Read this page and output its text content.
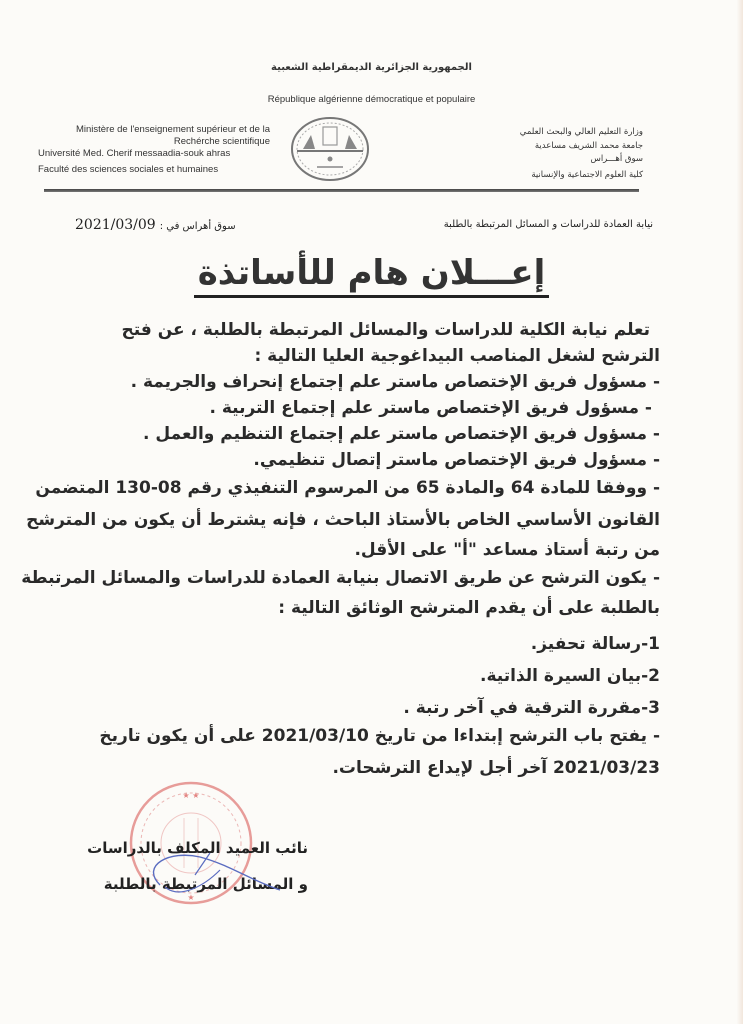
الجمهورية الجزائرية الديمقراطية الشعبية
République algérienne démocratique et populaire
Ministère de l'enseignement supérieur et de la
Rechérche scientifique
Université Med. Cherif messaadia-souk ahras
Faculté des sciences sociales et humaines
وزارة التعليم العالي والبحث العلمي
جامعة محمد الشريف مساعدية
سوق أهـــراس
كلية العلوم الاجتماعية والإنسانية
2021/03/09 سوق أهراس في :	نيابة العمادة للدراسات و المسائل المرتبطة بالطلبة
إعـــلان هام للأساتذة
تعلم نيابة الكلية للدراسات والمسائل المرتبطة بالطلبة ، عن فتح
الترشح لشغل المناصب البيداغوجية العليا التالية :
- مسؤول فريق الإختصاص ماستر علم إجتماع إنحراف والجريمة .
- مسؤول فريق الإختصاص ماستر علم إجتماع التربية .
- مسؤول فريق الإختصاص ماستر علم إجتماع التنظيم والعمل .
- مسؤول فريق الإختصاص ماستر إتصال تنظيمي.
- ووفقا للمادة 64 والمادة 65 من المرسوم التنفيذي رقم 08-130 المتضمن
القانون الأساسي الخاص بالأستاذ الباحث ، فإنه يشترط أن يكون من المترشح
من رتبة أستاذ مساعد "أ" على الأقل.
- يكون الترشح عن طريق الاتصال بنيابة العمادة للدراسات والمسائل المرتبطة
بالطلبة على أن يقدم المترشح الوثائق التالية :
1-رسالة تحفيز.
2-بيان السيرة الذاتية.
3-مقررة الترقية في آخر رتبة .
- يفتح باب الترشح إبتداءا من تاريخ 2021/03/10 على أن يكون تاريخ
2021/03/23 آخر أجل لإيداع الترشحات.
★ ★
★
نائب العميد المكلف بالدراسات
و المسائل المرتبطة بالطلبة
